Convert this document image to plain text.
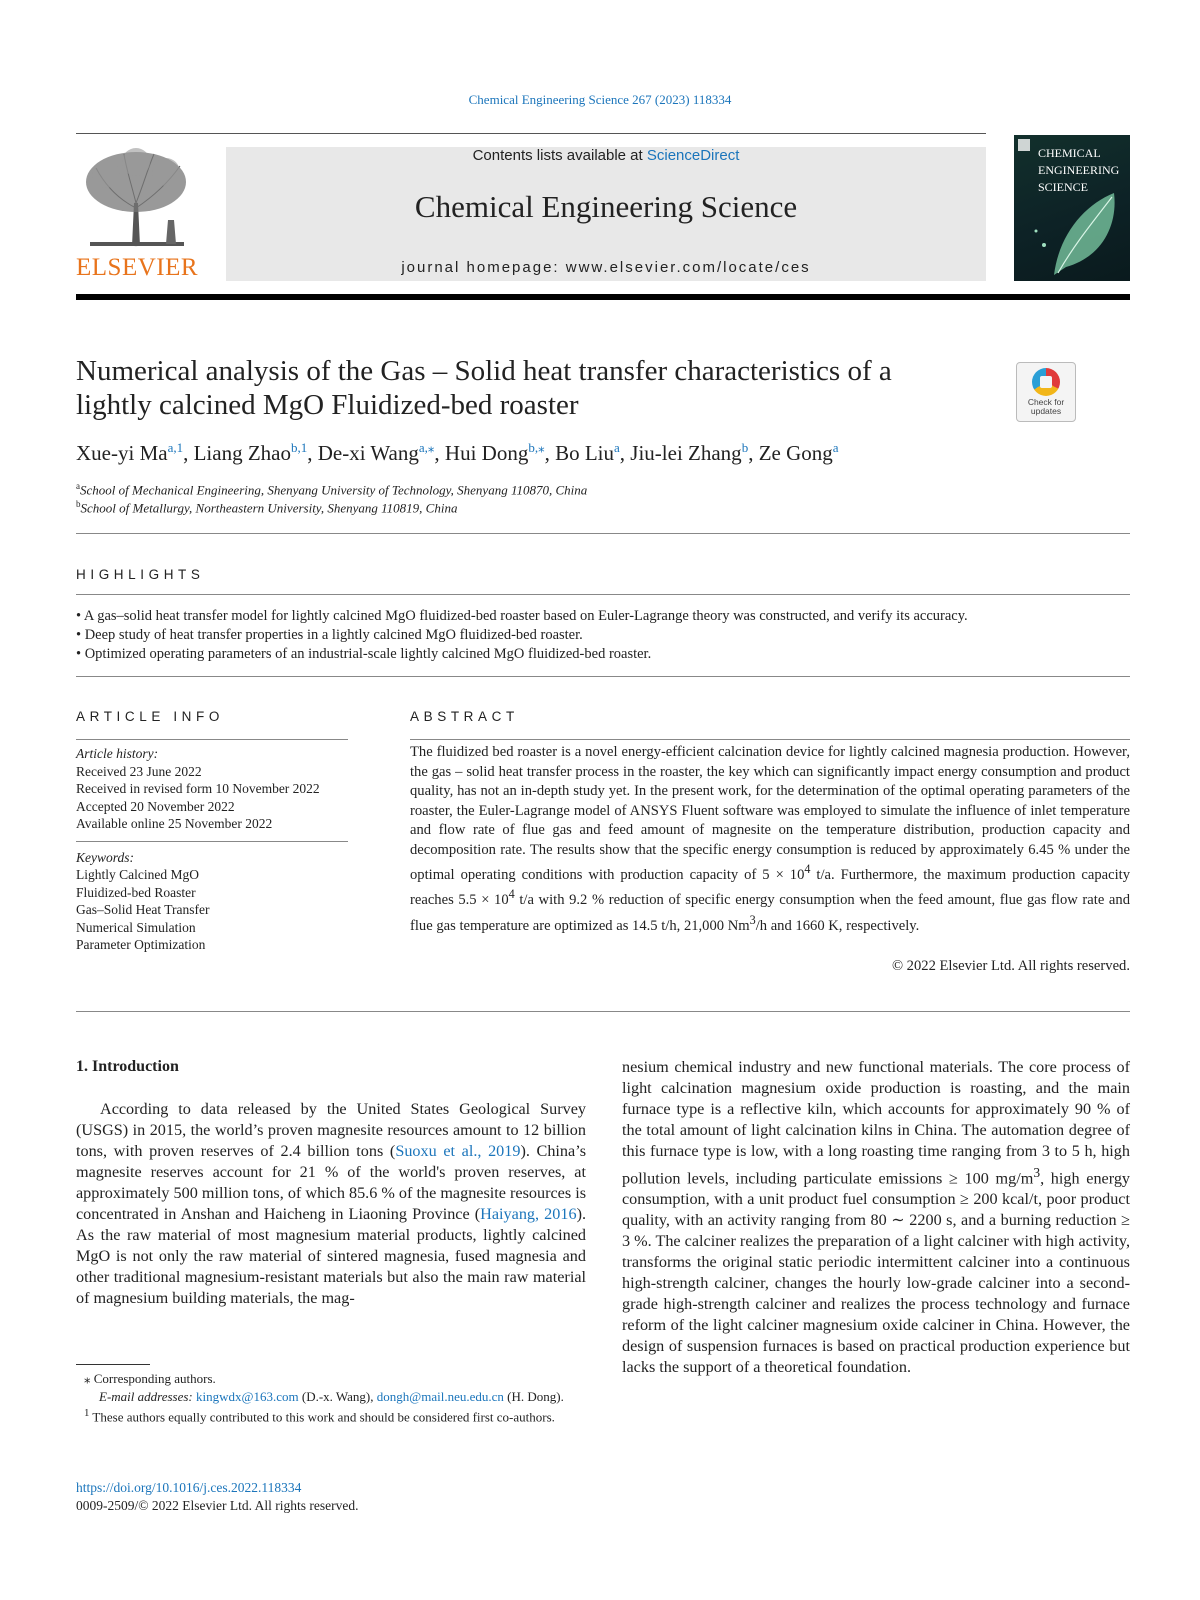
Chemical Engineering Science 267 (2023) 118334
ELSEVIER
Contents lists available at ScienceDirect
Chemical Engineering Science
journal homepage: www.elsevier.com/locate/ces
CHEMICAL ENGINEERING SCIENCE
Numerical analysis of the Gas – Solid heat transfer characteristics of a
lightly calcined MgO Fluidized-bed roaster	Check for updates
Xue-yi Ma$^{a,1}$, Liang Zhao$^{b,1}$, De-xi Wang$^{a,⁎}$, Hui Dong$^{b,⁎}$, Bo Liu$^a$, Jiu-lei Zhang$^b$, Ze Gong$^a$
$^a$School of Mechanical Engineering, Shenyang University of Technology, Shenyang 110870, China
$^b$School of Metallurgy, Northeastern University, Shenyang 110819, China
HIGHLIGHTS
• A gas–solid heat transfer model for lightly calcined MgO fluidized-bed roaster based on Euler-Lagrange theory was constructed, and verify its accuracy.
• Deep study of heat transfer properties in a lightly calcined MgO fluidized-bed roaster.
• Optimized operating parameters of an industrial-scale lightly calcined MgO fluidized-bed roaster.
ARTICLE INFO
Article history:
Received 23 June 2022
Received in revised form 10 November 2022
Accepted 20 November 2022
Available online 25 November 2022
Keywords:
Lightly Calcined MgO
Fluidized-bed Roaster
Gas–Solid Heat Transfer
Numerical Simulation
Parameter Optimization
ABSTRACT
The fluidized bed roaster is a novel energy-efficient calcination device for lightly calcined magnesia production. However, the gas – solid heat transfer process in the roaster, the key which can significantly impact energy consumption and product quality, has not an in-depth study yet. In the present work, for the determination of the optimal operating parameters of the roaster, the Euler-Lagrange model of ANSYS Fluent software was employed to simulate the influence of inlet temperature and flow rate of flue gas and feed amount of magnesite on the temperature distribution, production capacity and decomposition rate. The results show that the specific energy consumption is reduced by approximately 6.45 % under the optimal operating conditions with production capacity of $5 \times 10^4$ t/a. Furthermore, the maximum production capacity reaches $5.5 \times 10^4$ t/a with 9.2 % reduction of specific energy consumption when the feed amount, flue gas flow rate and flue gas temperature are optimized as 14.5 t/h, 21,000 Nm$^3$/h and 1660 K, respectively.
© 2022 Elsevier Ltd. All rights reserved.
1. Introduction

According to data released by the United States Geological Survey (USGS) in 2015, the world’s proven magnesite resources amount to 12 billion tons, with proven reserves of 2.4 billion tons (Suoxu et al., 2019). China’s magnesite reserves account for 21 % of the world's proven reserves, at approximately 500 million tons, of which 85.6 % of the magnesite resources is concentrated in Anshan and Haicheng in Liaoning Province (Haiyang, 2016). As the raw material of most magnesium material products, lightly calcined MgO is not only the raw material of sintered magnesia, fused magnesia and other traditional magnesium-resistant materials but also the main raw material of magnesium building materials, the mag-

nesium chemical industry and new functional materials. The core process of light calcination magnesium oxide production is roasting, and the main furnace type is a reflective kiln, which accounts for approximately 90 % of the total amount of light calcination kilns in China. The automation degree of this furnace type is low, with a long roasting time ranging from 3 to 5 h, high pollution levels, including particulate emissions ≥ 100 $mg/m^3$, high energy consumption, with a unit product fuel consumption ≥ 200 kcal/t, poor product quality, with an activity ranging from 80 ∼ 2200 s, and a burning reduction ≥ 3 %. The calciner realizes the preparation of a light calciner with high activity, transforms the original static periodic intermittent calciner into a continuous high-strength calciner, changes the hourly low-grade calciner into a second-grade high-strength calciner and realizes the process technology and furnace reform of the light calciner magnesium oxide calciner in China. However, the design of suspension furnaces is based on practical production experience but lacks the support of a theoretical foundation.

⁎ Corresponding authors.
E-mail addresses: kingwdx@163.com (D.-x. Wang), dongh@mail.neu.edu.cn (H. Dong).
$^1$ These authors equally contributed to this work and should be considered first co-authors.
https://doi.org/10.1016/j.ces.2022.118334
0009-2509/© 2022 Elsevier Ltd. All rights reserved.
